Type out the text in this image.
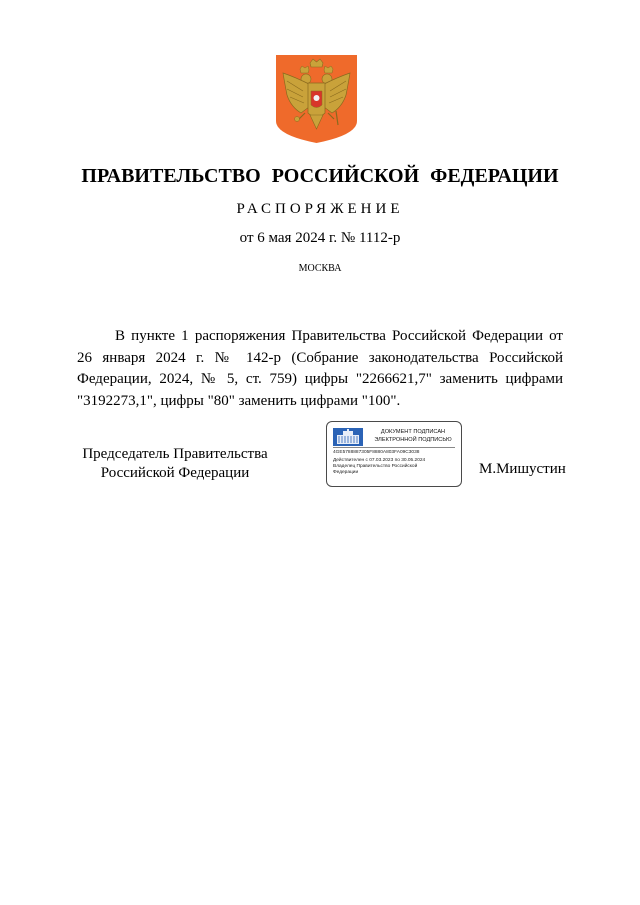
ПРАВИТЕЛЬСТВО РОССИЙСКОЙ ФЕДЕРАЦИИ
РАСПОРЯЖЕНИЕ
от 6 мая 2024 г. № 1112-р
МОСКВА
В пункте 1 распоряжения Правительства Российской Федерации от 26 января 2024 г. № 142-р (Собрание законодательства Российской Федерации, 2024, № 5, ст. 759) цифры "2266621,7" заменить цифрами "3192273,1", цифры "80" заменить цифрами "100".
Председатель Правительства
Российской Федерации
ДОКУМЕНТ ПОДПИСАН
ЭЛЕКТРОННОЙ ПОДПИСЬЮ
4GE5788887305F8880A803FA09C3038
Действителен с 07.03.2023 по 30.05.2024
Владелец Правительство Российской
Федерации	М.Мишустин
